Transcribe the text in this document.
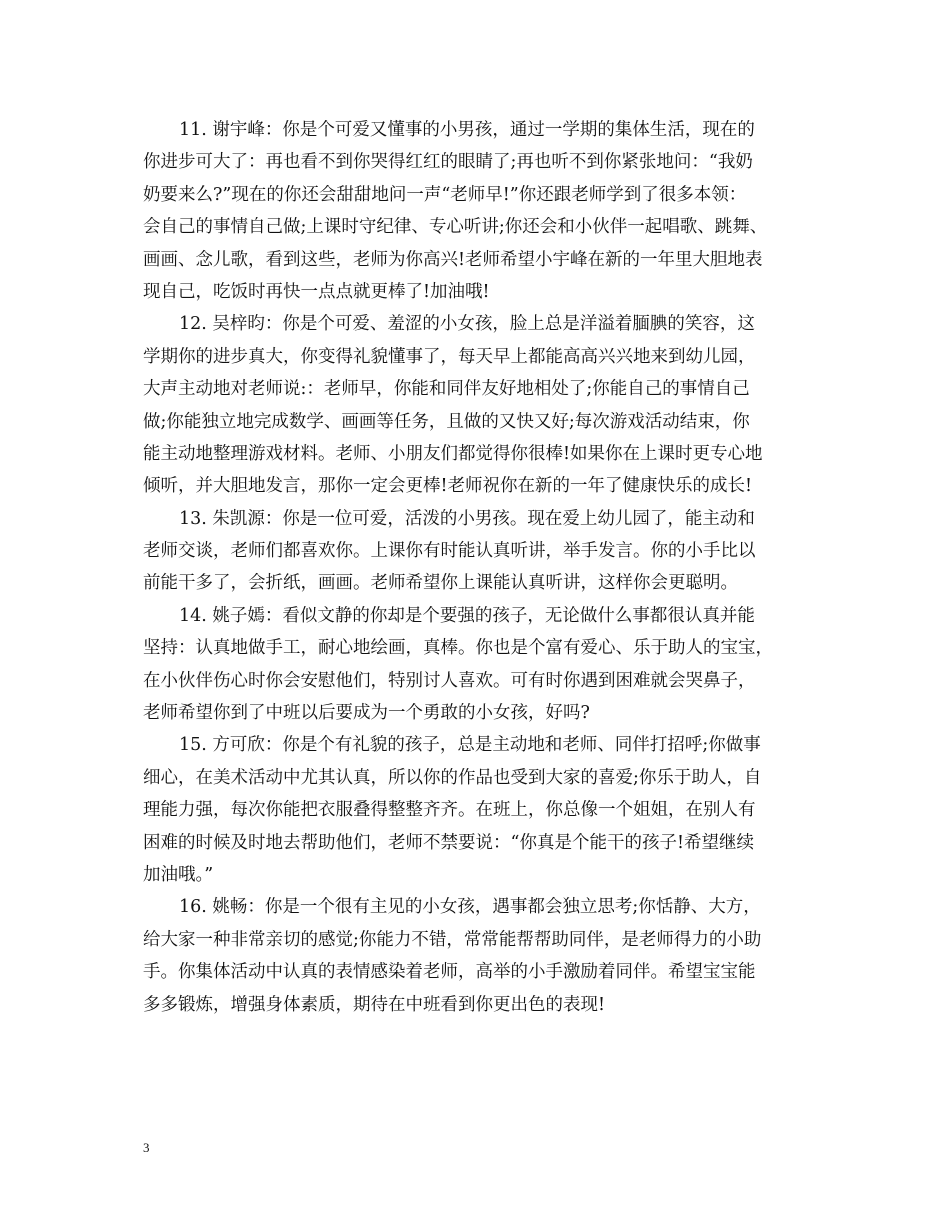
11. 谢宇峰：你是个可爱又懂事的小男孩，通过一学期的集体生活，现在的
你进步可大了：再也看不到你哭得红红的眼睛了;再也听不到你紧张地问：“我奶
奶要来么?”现在的你还会甜甜地问一声“老师早!”你还跟老师学到了很多本领：
会自己的事情自己做;上课时守纪律、专心听讲;你还会和小伙伴一起唱歌、跳舞、
画画、念儿歌，看到这些，老师为你高兴!老师希望小宇峰在新的一年里大胆地表
现自己，吃饭时再快一点点就更棒了!加油哦!

12. 吴梓昀：你是个可爱、羞涩的小女孩，脸上总是洋溢着腼腆的笑容，这
学期你的进步真大，你变得礼貌懂事了，每天早上都能高高兴兴地来到幼儿园，
大声主动地对老师说:：老师早，你能和同伴友好地相处了;你能自己的事情自己
做;你能独立地完成数学、画画等任务，且做的又快又好;每次游戏活动结束，你
能主动地整理游戏材料。老师、小朋友们都觉得你很棒!如果你在上课时更专心地
倾听，并大胆地发言，那你一定会更棒!老师祝你在新的一年了健康快乐的成长!

13. 朱凯源：你是一位可爱，活泼的小男孩。现在爱上幼儿园了，能主动和
老师交谈，老师们都喜欢你。上课你有时能认真听讲，举手发言。你的小手比以
前能干多了，会折纸，画画。老师希望你上课能认真听讲，这样你会更聪明。

14. 姚子嫣：看似文静的你却是个要强的孩子，无论做什么事都很认真并能
坚持：认真地做手工，耐心地绘画，真棒。你也是个富有爱心、乐于助人的宝宝，
在小伙伴伤心时你会安慰他们，特别讨人喜欢。可有时你遇到困难就会哭鼻子，
老师希望你到了中班以后要成为一个勇敢的小女孩，好吗?

15. 方可欣：你是个有礼貌的孩子，总是主动地和老师、同伴打招呼;你做事
细心，在美术活动中尤其认真，所以你的作品也受到大家的喜爱;你乐于助人，自
理能力强，每次你能把衣服叠得整整齐齐。在班上，你总像一个姐姐，在别人有
困难的时候及时地去帮助他们，老师不禁要说：“你真是个能干的孩子!希望继续
加油哦。”

16. 姚畅：你是一个很有主见的小女孩，遇事都会独立思考;你恬静、大方，
给大家一种非常亲切的感觉;你能力不错，常常能帮帮助同伴，是老师得力的小助
手。你集体活动中认真的表情感染着老师，高举的小手激励着同伴。希望宝宝能
多多锻炼，增强身体素质，期待在中班看到你更出色的表现!

3
